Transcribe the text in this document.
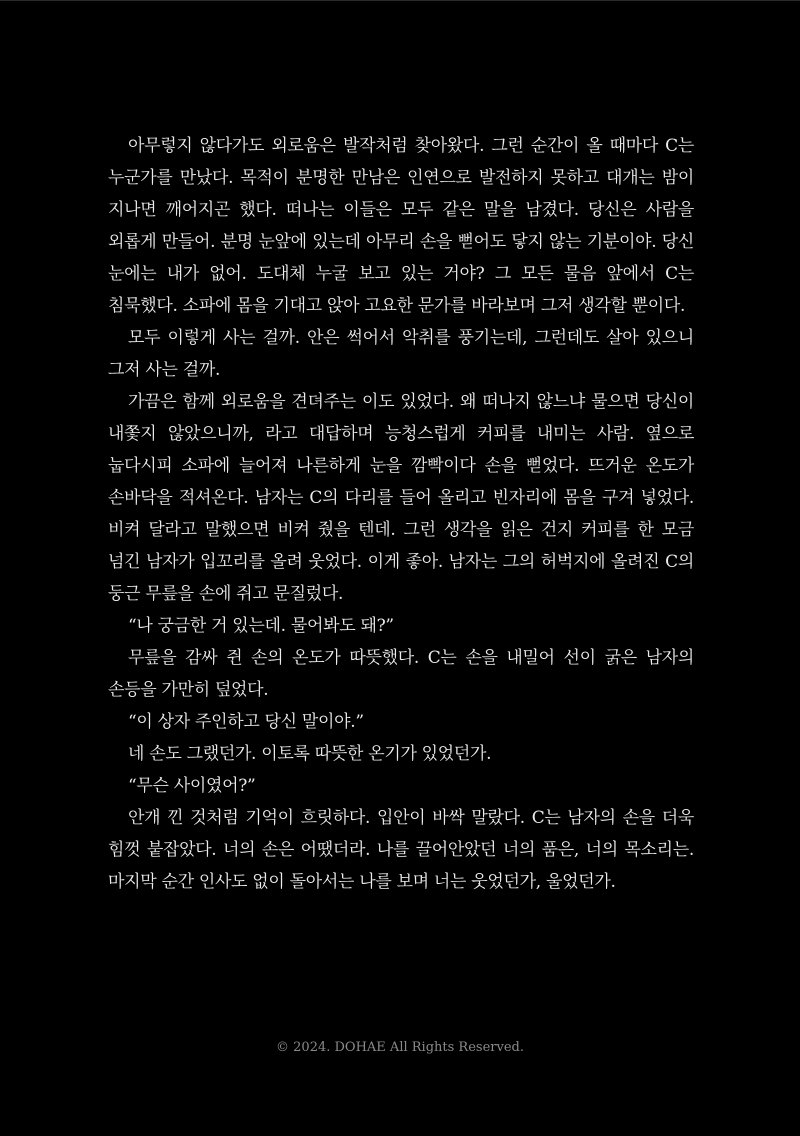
아무렇지 않다가도 외로움은 발작처럼 찾아왔다. 그런 순간이 올 때마다 C는 누군가를 만났다. 목적이 분명한 만남은 인연으로 발전하지 못하고 대개는 밤이 지나면 깨어지곤 했다. 떠나는 이들은 모두 같은 말을 남겼다. 당신은 사람을 외롭게 만들어. 분명 눈앞에 있는데 아무리 손을 뻗어도 닿지 않는 기분이야. 당신 눈에는 내가 없어. 도대체 누굴 보고 있는 거야? 그 모든 물음 앞에서 C는 침묵했다. 소파에 몸을 기대고 앉아 고요한 문가를 바라보며 그저 생각할 뿐이다.

모두 이렇게 사는 걸까. 안은 썩어서 악취를 풍기는데, 그런데도 살아 있으니 그저 사는 걸까.

가끔은 함께 외로움을 견뎌주는 이도 있었다. 왜 떠나지 않느냐 물으면 당신이 내쫓지 않았으니까, 라고 대답하며 능청스럽게 커피를 내미는 사람. 옆으로 눕다시피 소파에 늘어져 나른하게 눈을 깜빡이다 손을 뻗었다. 뜨거운 온도가 손바닥을 적셔온다. 남자는 C의 다리를 들어 올리고 빈자리에 몸을 구겨 넣었다. 비켜 달라고 말했으면 비켜 줬을 텐데. 그런 생각을 읽은 건지 커피를 한 모금 넘긴 남자가 입꼬리를 올려 웃었다. 이게 좋아. 남자는 그의 허벅지에 올려진 C의 둥근 무릎을 손에 쥐고 문질렀다.

“나 궁금한 거 있는데. 물어봐도 돼?”

무릎을 감싸 쥔 손의 온도가 따뜻했다. C는 손을 내밀어 선이 굵은 남자의 손등을 가만히 덮었다.

“이 상자 주인하고 당신 말이야.”

네 손도 그랬던가. 이토록 따뜻한 온기가 있었던가.

“무슨 사이였어?”

안개 낀 것처럼 기억이 흐릿하다. 입안이 바싹 말랐다. C는 남자의 손을 더욱 힘껏 붙잡았다. 너의 손은 어땠더라. 나를 끌어안았던 너의 품은, 너의 목소리는. 마지막 순간 인사도 없이 돌아서는 나를 보며 너는 웃었던가, 울었던가.

© 2024. DOHAE All Rights Reserved.
